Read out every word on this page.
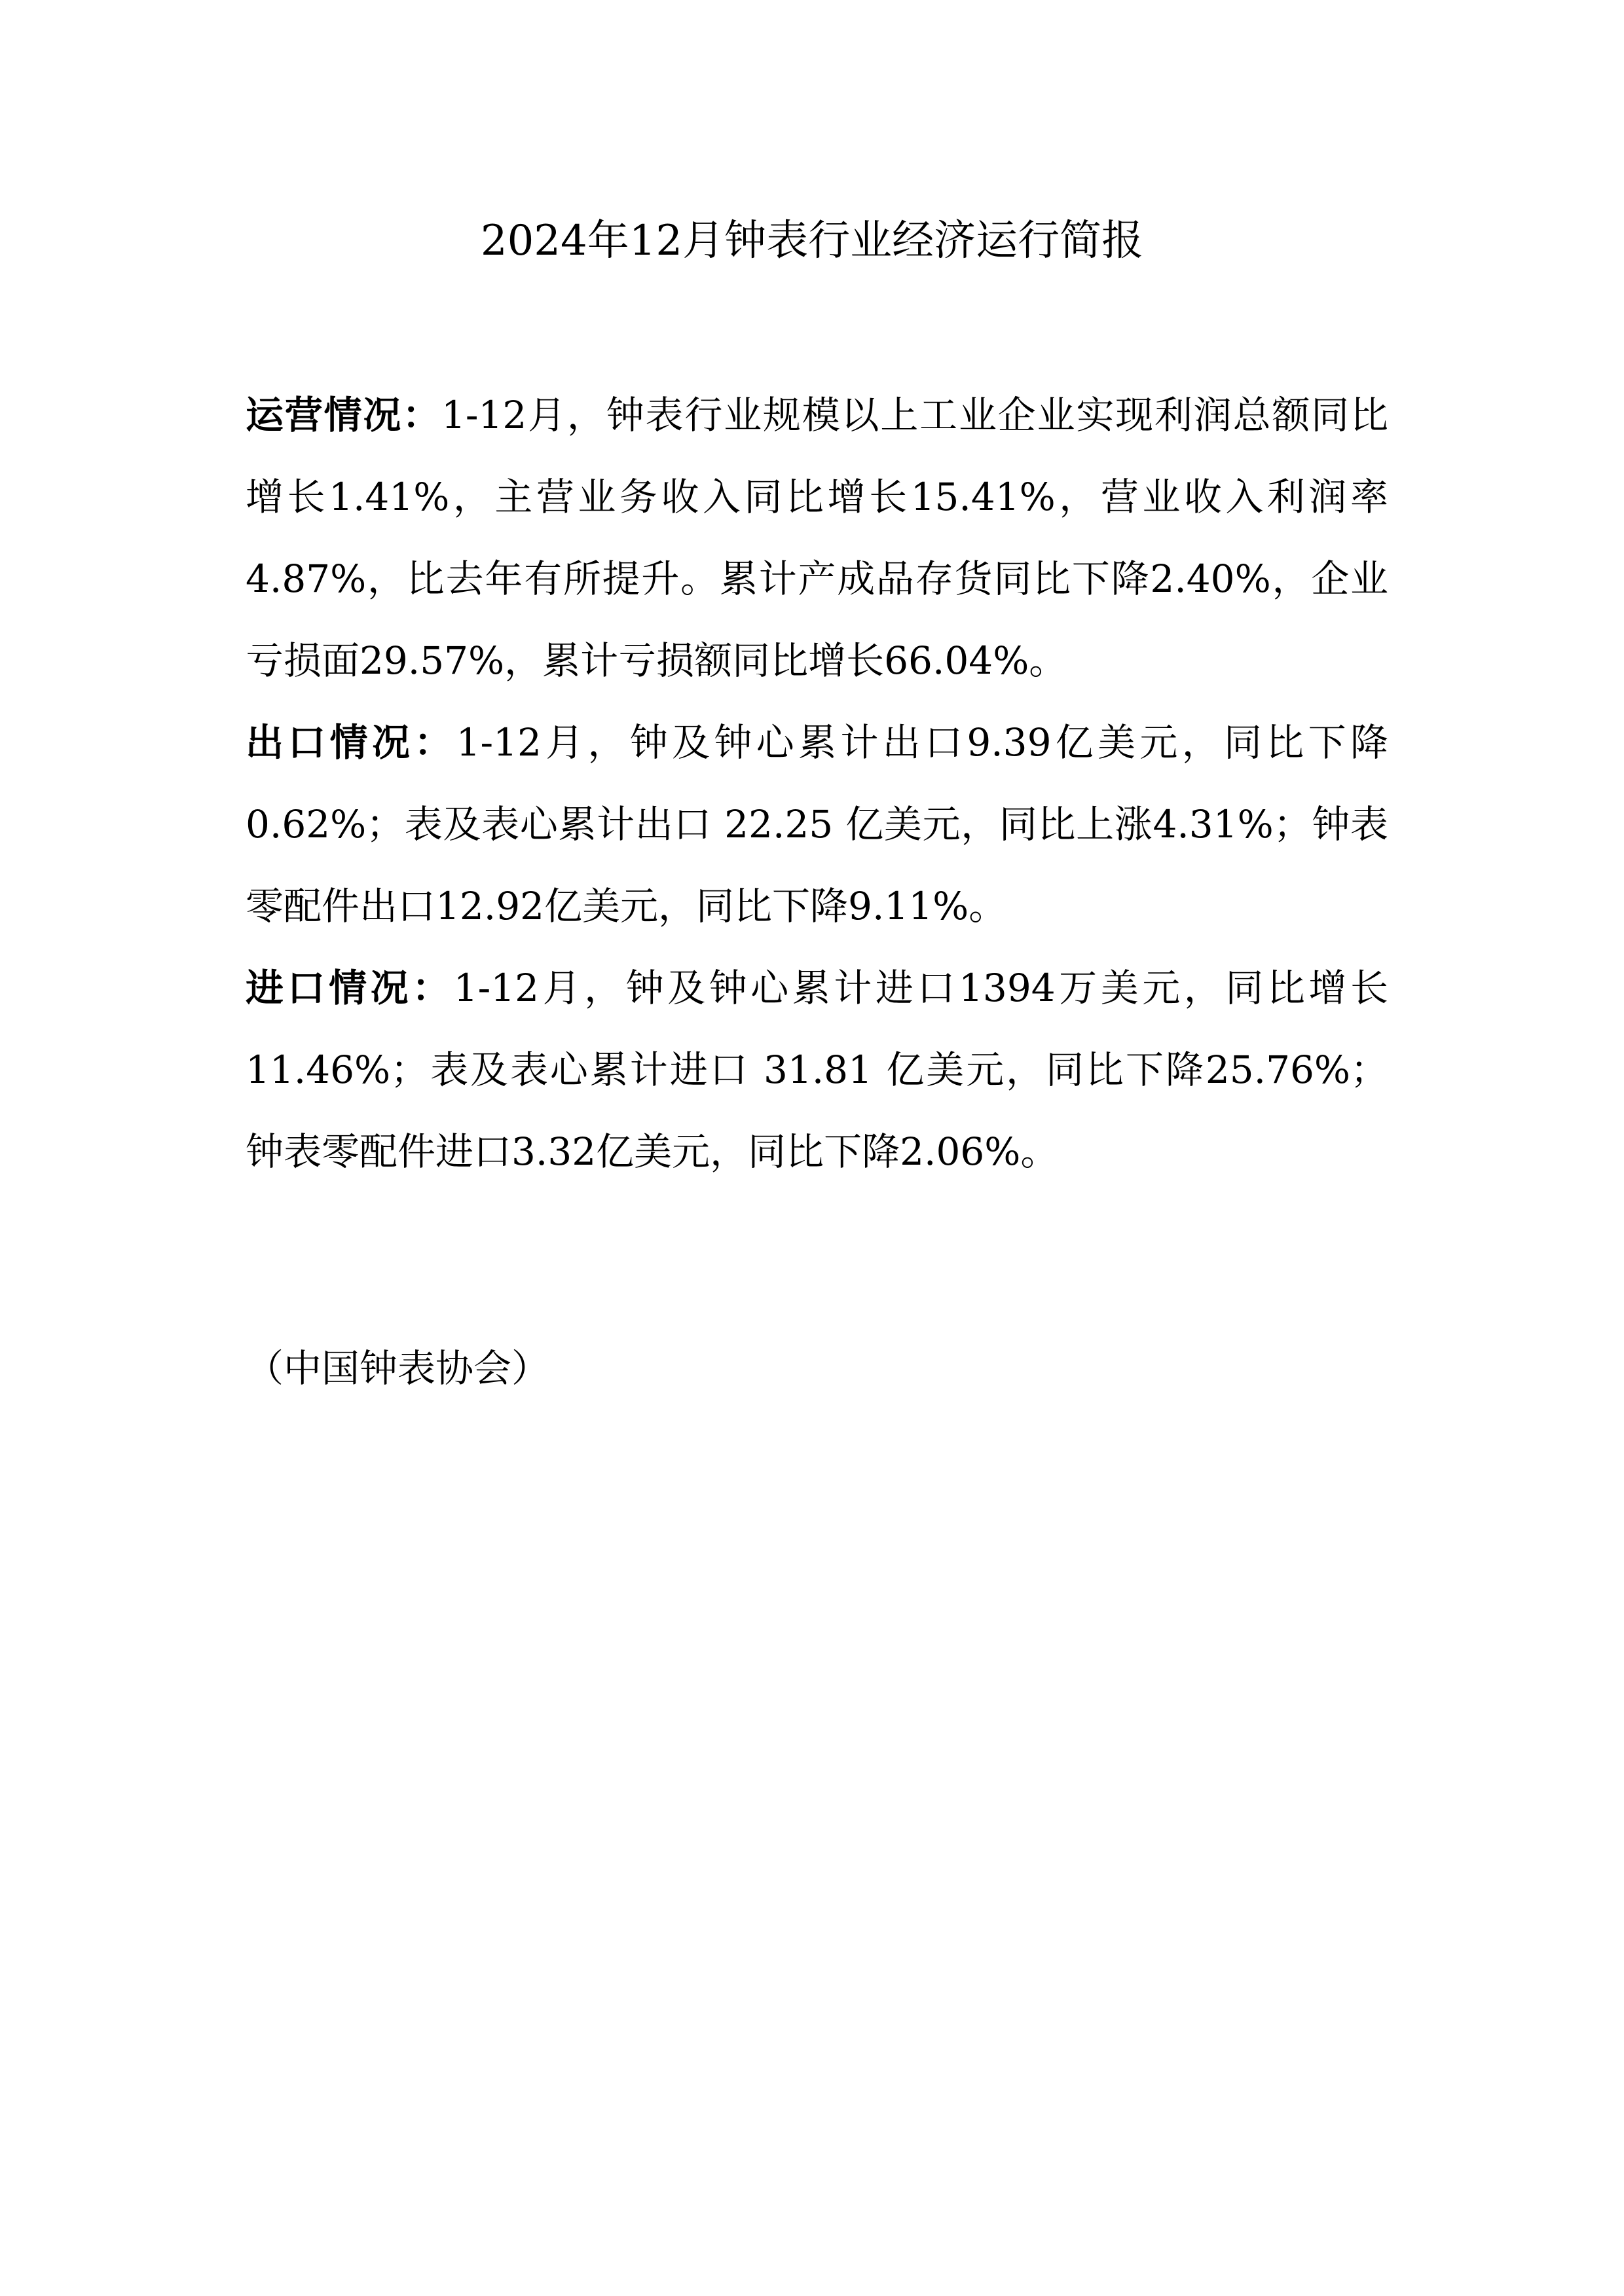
2024年12月钟表行业经济运行简报

运营情况：1-12月，钟表行业规模以上工业企业实现利润总额同比增长1.41%，主营业务收入同比增长15.41%，营业收入利润率 4.87%，比去年有所提升。累计产成品存货同比下降2.40%，企业亏损面29.57%，累计亏损额同比增长66.04%。

出口情况：1-12月，钟及钟心累计出口9.39亿美元，同比下降 0.62%；表及表心累计出口 22.25 亿美元，同比上涨4.31%；钟表零配件出口12.92亿美元，同比下降9.11%。

进口情况：1-12月，钟及钟心累计进口1394万美元，同比增长 11.46%；表及表心累计进口 31.81 亿美元，同比下降25.76%；钟表零配件进口3.32亿美元，同比下降2.06%。

（中国钟表协会）
